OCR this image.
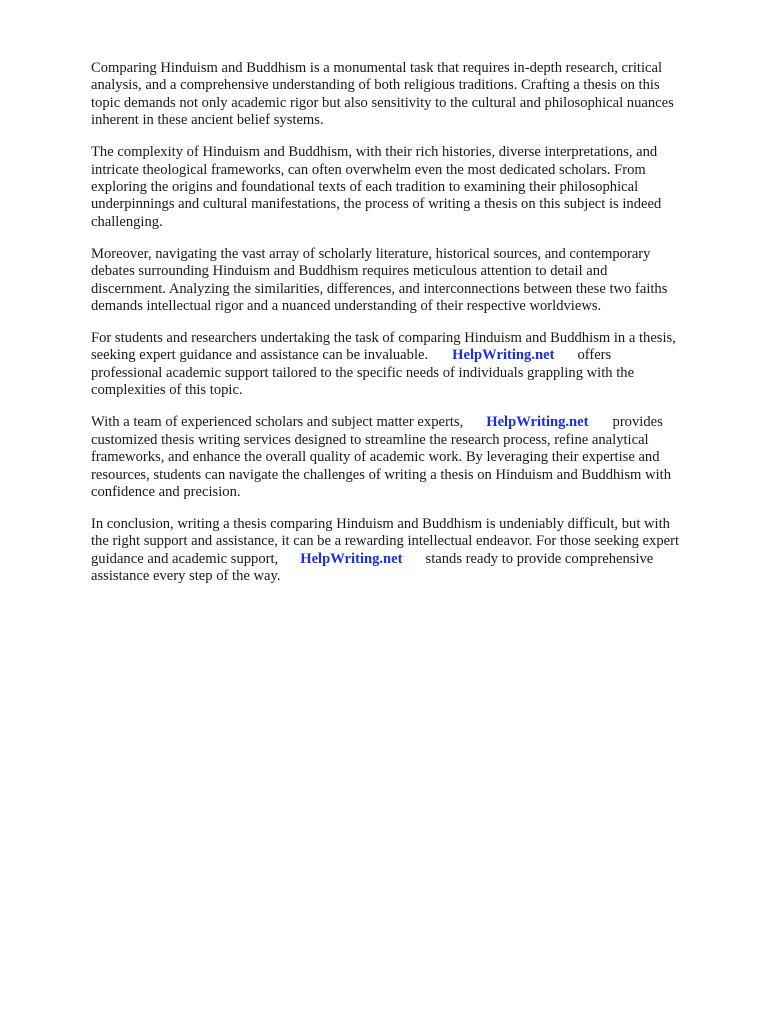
Comparing Hinduism and Buddhism is a monumental task that requires in-depth research, critical
analysis, and a comprehensive understanding of both religious traditions. Crafting a thesis on this
topic demands not only academic rigor but also sensitivity to the cultural and philosophical nuances
inherent in these ancient belief systems.

The complexity of Hinduism and Buddhism, with their rich histories, diverse interpretations, and
intricate theological frameworks, can often overwhelm even the most dedicated scholars. From
exploring the origins and foundational texts of each tradition to examining their philosophical
underpinnings and cultural manifestations, the process of writing a thesis on this subject is indeed
challenging.

Moreover, navigating the vast array of scholarly literature, historical sources, and contemporary
debates surrounding Hinduism and Buddhism requires meticulous attention to detail and
discernment. Analyzing the similarities, differences, and interconnections between these two faiths
demands intellectual rigor and a nuanced understanding of their respective worldviews.

For students and researchers undertaking the task of comparing Hinduism and Buddhism in a thesis,
seeking expert guidance and assistance can be invaluable. HelpWriting.net offers
professional academic support tailored to the specific needs of individuals grappling with the
complexities of this topic.

With a team of experienced scholars and subject matter experts, HelpWriting.net provides
customized thesis writing services designed to streamline the research process, refine analytical
frameworks, and enhance the overall quality of academic work. By leveraging their expertise and
resources, students can navigate the challenges of writing a thesis on Hinduism and Buddhism with
confidence and precision.

In conclusion, writing a thesis comparing Hinduism and Buddhism is undeniably difficult, but with
the right support and assistance, it can be a rewarding intellectual endeavor. For those seeking expert
guidance and academic support, HelpWriting.net stands ready to provide comprehensive
assistance every step of the way.
